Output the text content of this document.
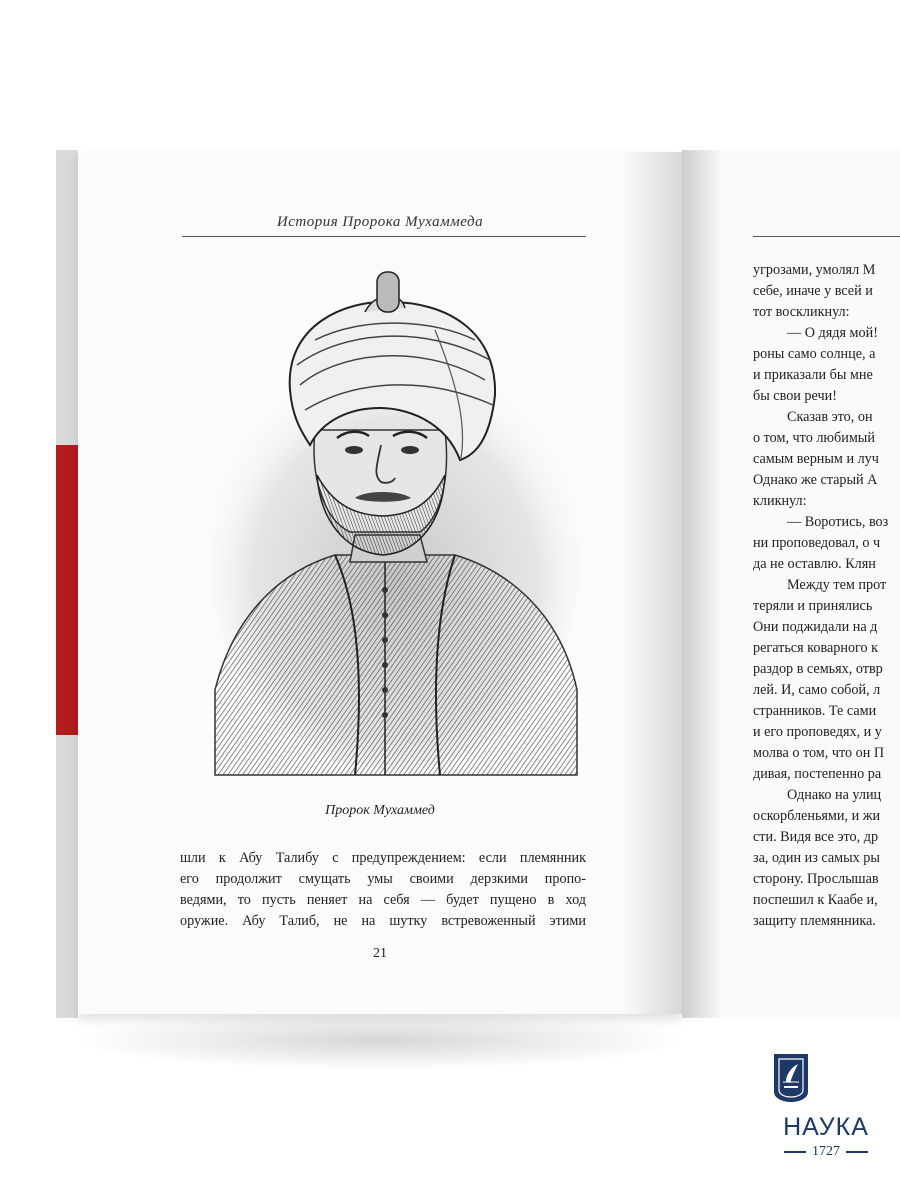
История Пророка Мухаммеда
Пророк Мухаммед
шли к Абу Талибу с предупреждением: если племянник
его продолжит смущать умы своими дерзкими пропо-
ведями, то пусть пеняет на себя — будет пущено в ход
оружие. Абу Талиб, не на шутку встревоженный этими
21
угрозами, умолял М
себе, иначе у всей и
тот воскликнул:
— О дядя мой!
роны само солнце, а
и приказали бы мне
бы свои речи!
Сказав это, он
о том, что любимый
самым верным и луч
Однако же старый А
кликнул:
— Воротись, воз
ни проповедовал, о ч
да не оставлю. Клян
Между тем прот
теряли и принялись
Они поджидали на д
регаться коварного к
раздор в семьях, отвр
лей. И, само собой, л
странников. Те сами
и его проповедях, и у
молва о том, что он П
дивая, постепенно ра
Однако на улиц
оскорбленьями, и жи
сти. Видя все это, др
за, один из самых ры
сторону. Прослышав
поспешил к Каабе и,
защиту племянника.
НАУКА
1727
